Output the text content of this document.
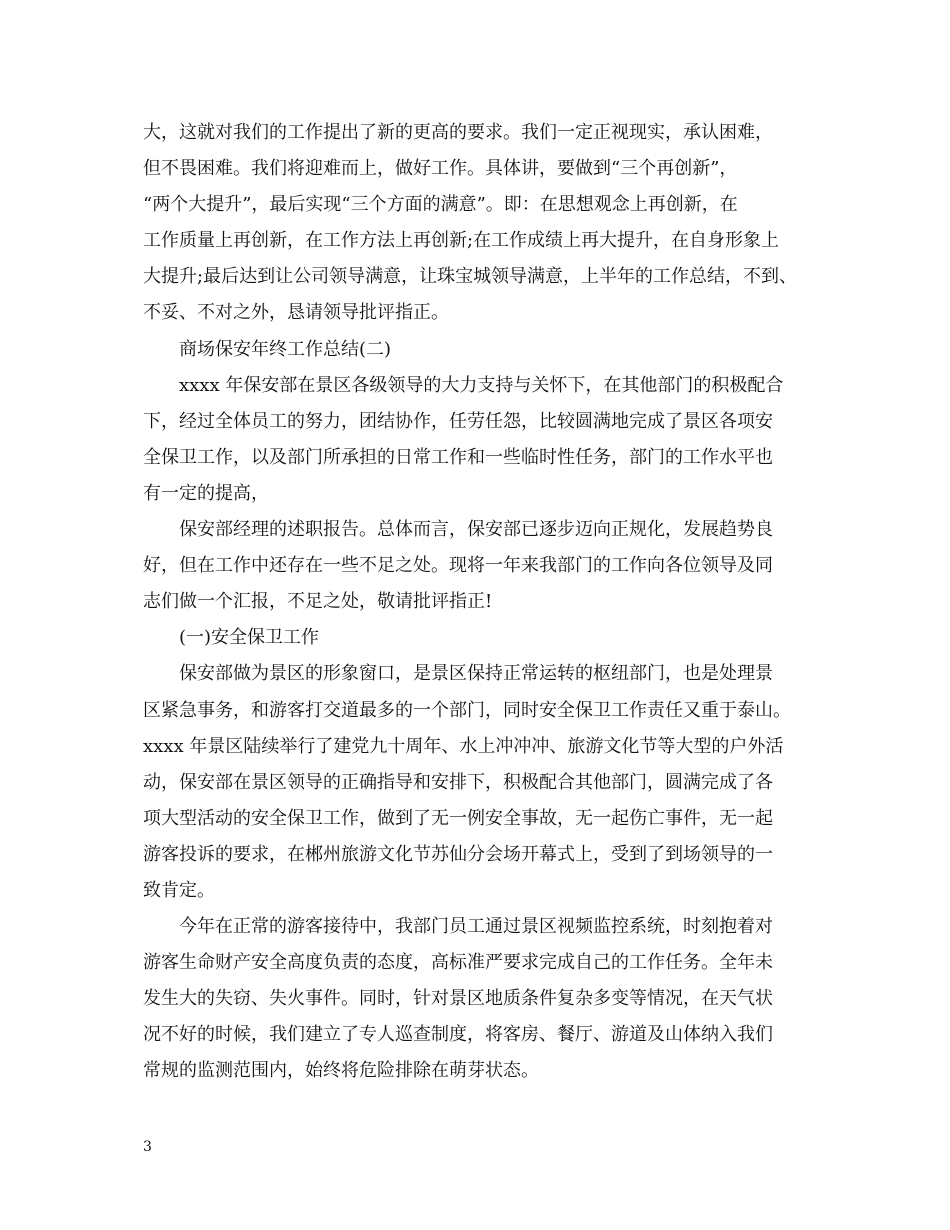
大，这就对我们的工作提出了新的更高的要求。我们一定正视现实，承认困难，
但不畏困难。我们将迎难而上，做好工作。具体讲，要做到“三个再创新”，
“两个大提升”，最后实现“三个方面的满意”。即：在思想观念上再创新，在
工作质量上再创新，在工作方法上再创新;在工作成绩上再大提升，在自身形象上
大提升;最后达到让公司领导满意，让珠宝城领导满意，上半年的工作总结，不到、
不妥、不对之外，恳请领导批评指正。
商场保安年终工作总结(二)
xxxx 年保安部在景区各级领导的大力支持与关怀下，在其他部门的积极配合
下，经过全体员工的努力，团结协作，任劳任怨，比较圆满地完成了景区各项安
全保卫工作，以及部门所承担的日常工作和一些临时性任务，部门的工作水平也
有一定的提高，
保安部经理的述职报告。总体而言，保安部已逐步迈向正规化，发展趋势良
好，但在工作中还存在一些不足之处。现将一年来我部门的工作向各位领导及同
志们做一个汇报，不足之处，敬请批评指正!
(一)安全保卫工作
保安部做为景区的形象窗口，是景区保持正常运转的枢纽部门，也是处理景
区紧急事务，和游客打交道最多的一个部门，同时安全保卫工作责任又重于泰山。
xxxx 年景区陆续举行了建党九十周年、水上冲冲冲、旅游文化节等大型的户外活
动，保安部在景区领导的正确指导和安排下，积极配合其他部门，圆满完成了各
项大型活动的安全保卫工作，做到了无一例安全事故，无一起伤亡事件，无一起
游客投诉的要求，在郴州旅游文化节苏仙分会场开幕式上，受到了到场领导的一
致肯定。
今年在正常的游客接待中，我部门员工通过景区视频监控系统，时刻抱着对
游客生命财产安全高度负责的态度，高标准严要求完成自己的工作任务。全年未
发生大的失窃、失火事件。同时，针对景区地质条件复杂多变等情况，在天气状
况不好的时候，我们建立了专人巡查制度，将客房、餐厅、游道及山体纳入我们
常规的监测范围内，始终将危险排除在萌芽状态。
3
